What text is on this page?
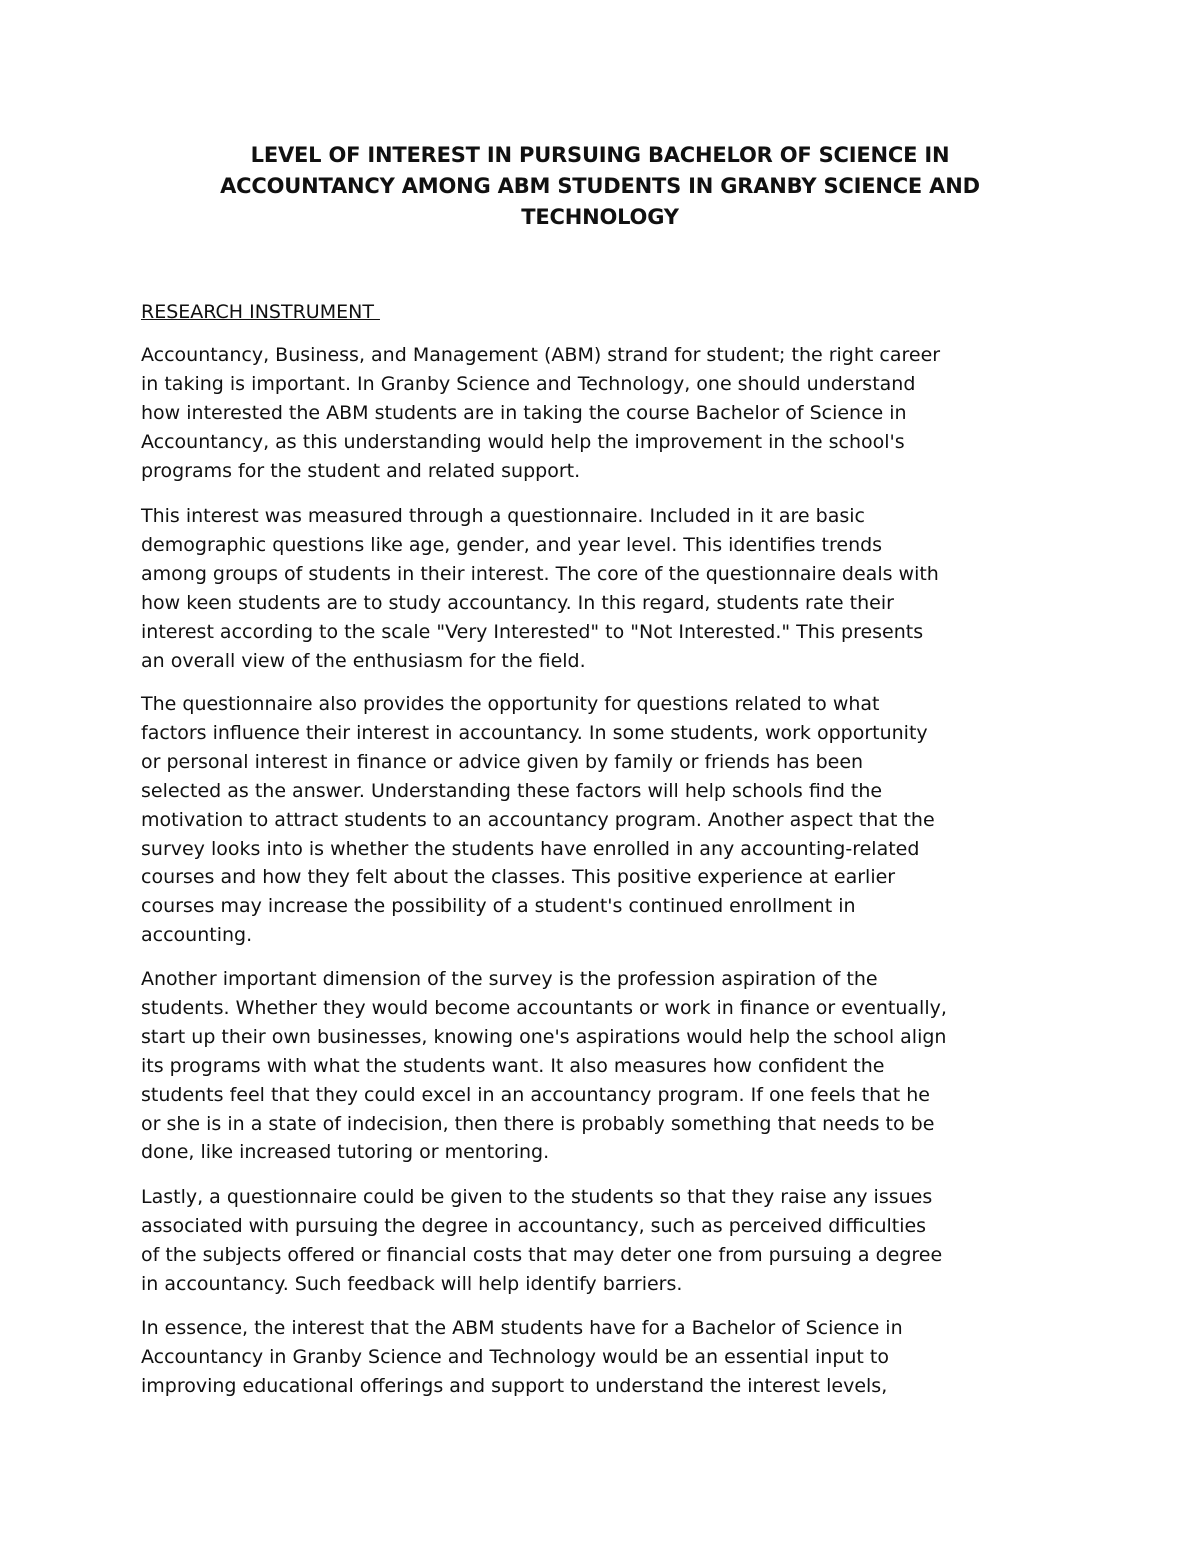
LEVEL OF INTEREST IN PURSUING BACHELOR OF SCIENCE IN
ACCOUNTANCY AMONG ABM STUDENTS IN GRANBY SCIENCE AND
TECHNOLOGY
RESEARCH INSTRUMENT

Accountancy, Business, and Management (ABM) strand for student; the right career
in taking is important. In Granby Science and Technology, one should understand
how interested the ABM students are in taking the course Bachelor of Science in
Accountancy, as this understanding would help the improvement in the school's
programs for the student and related support.

This interest was measured through a questionnaire. Included in it are basic
demographic questions like age, gender, and year level. This identifies trends
among groups of students in their interest. The core of the questionnaire deals with
how keen students are to study accountancy. In this regard, students rate their
interest according to the scale "Very Interested" to "Not Interested." This presents
an overall view of the enthusiasm for the field.

The questionnaire also provides the opportunity for questions related to what
factors influence their interest in accountancy. In some students, work opportunity
or personal interest in finance or advice given by family or friends has been
selected as the answer. Understanding these factors will help schools find the
motivation to attract students to an accountancy program. Another aspect that the
survey looks into is whether the students have enrolled in any accounting-related
courses and how they felt about the classes. This positive experience at earlier
courses may increase the possibility of a student's continued enrollment in
accounting.

Another important dimension of the survey is the profession aspiration of the
students. Whether they would become accountants or work in finance or eventually,
start up their own businesses, knowing one's aspirations would help the school align
its programs with what the students want. It also measures how confident the
students feel that they could excel in an accountancy program. If one feels that he
or she is in a state of indecision, then there is probably something that needs to be
done, like increased tutoring or mentoring.

Lastly, a questionnaire could be given to the students so that they raise any issues
associated with pursuing the degree in accountancy, such as perceived difficulties
of the subjects offered or financial costs that may deter one from pursuing a degree
in accountancy. Such feedback will help identify barriers.

In essence, the interest that the ABM students have for a Bachelor of Science in
Accountancy in Granby Science and Technology would be an essential input to
improving educational offerings and support to understand the interest levels,
